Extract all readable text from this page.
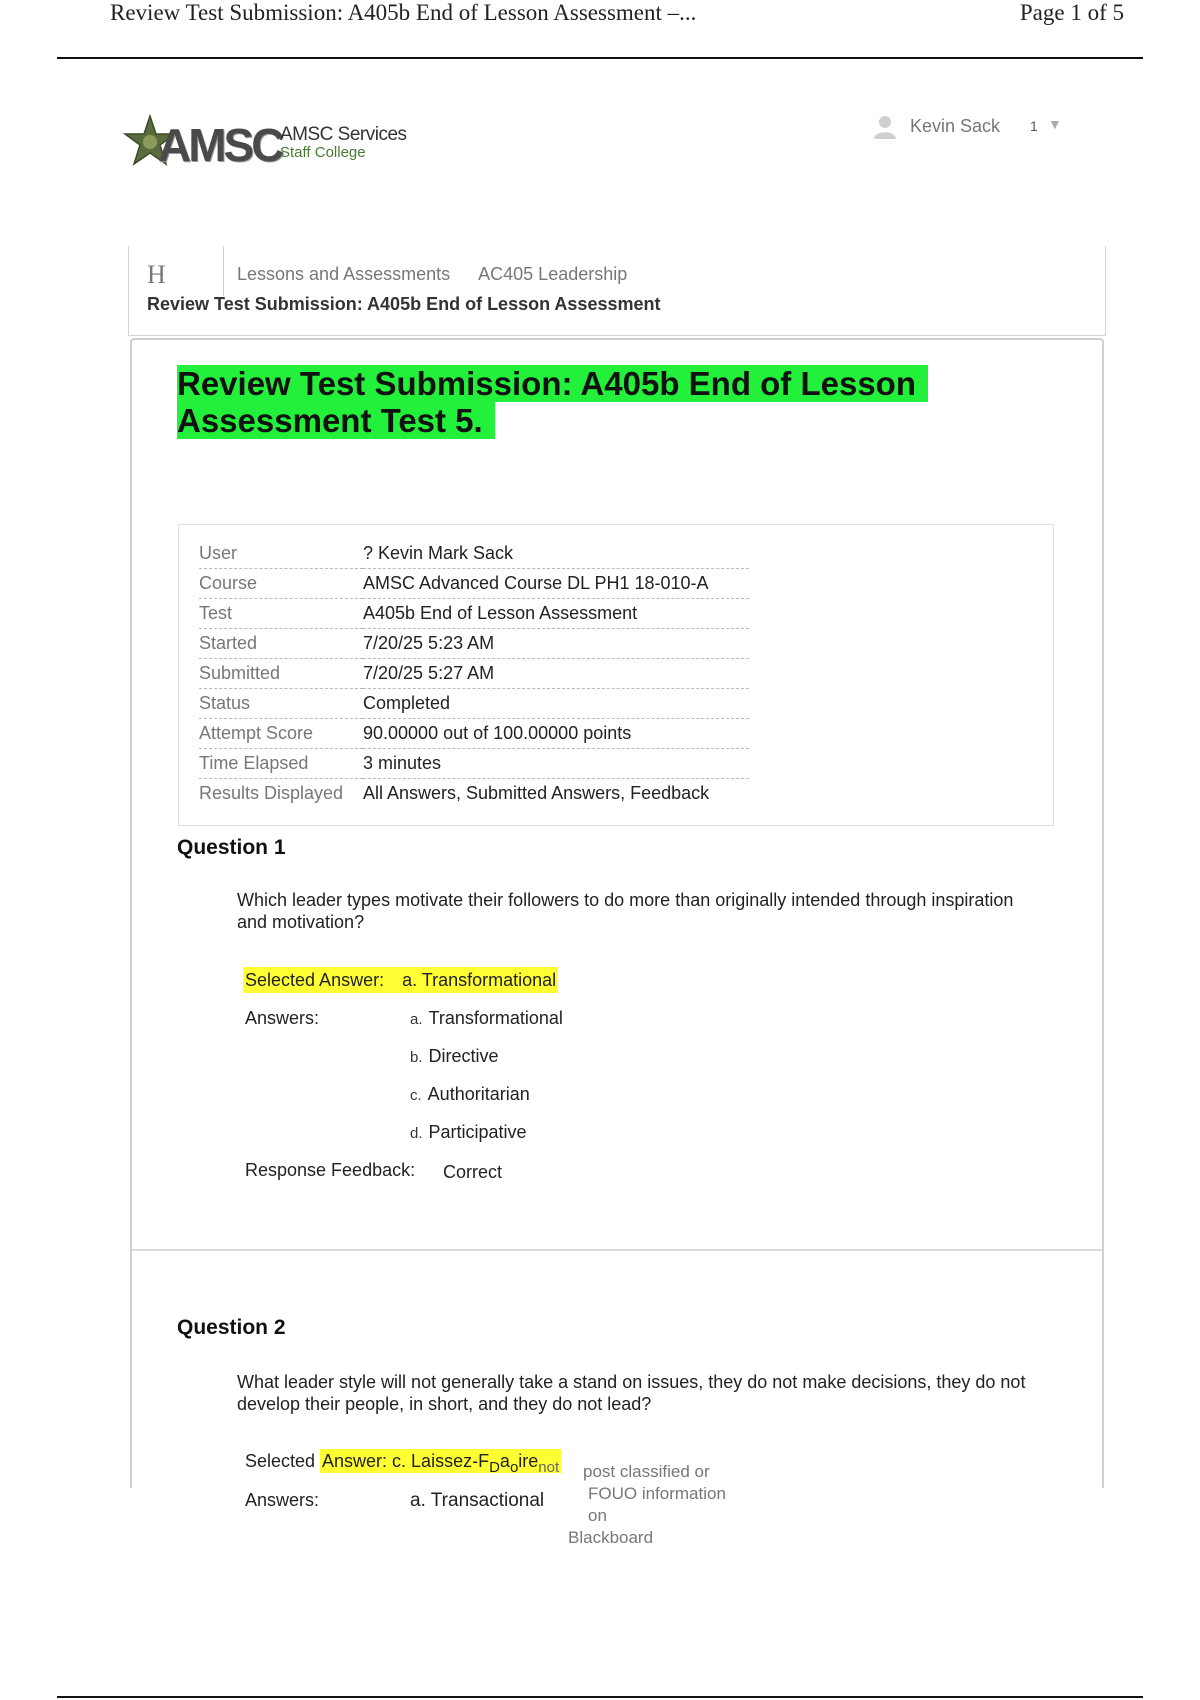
Review Test Submission: A405b End of Lesson Assessment –...	Page 1 of 5
AMSC
AMSC Services
Staff College
Kevin Sack 1 ▼
H	Lessons and Assessments AC405 Leadership
Review Test Submission: A405b End of Lesson Assessment
Review Test Submission: A405b End of Lesson Assessment Test 5.
User	? Kevin Mark Sack
Course	AMSC Advanced Course DL PH1 18-010-A
Test	A405b End of Lesson Assessment
Started	7/20/25 5:23 AM
Submitted	7/20/25 5:27 AM
Status	Completed
Attempt Score	90.00000 out of 100.00000 points
Time Elapsed	3 minutes
Results Displayed	All Answers, Submitted Answers, Feedback
Question 1
Which leader types motivate their followers to do more than originally intended through inspiration and motivation?
Selected Answer: a. Transformational
Answers:	a. Transformational
b. Directive
c. Authoritarian
d. Participative
Response Feedback: Correct
Question 2
What leader style will not generally take a stand on issues, they do not make decisions, they do not develop their people, in short, and they do not lead?
Selected Answer: c. Laissez-$F_Da_oire_{not}$
Answers:	a. Transactional
post classified or
FOUO information on
Blackboard
